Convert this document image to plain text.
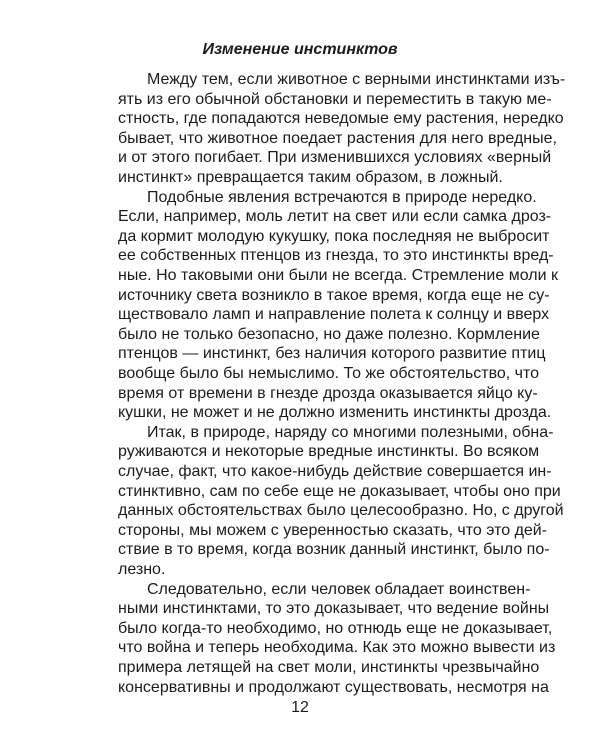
Изменение инстинктов
Между тем, если животное с верными инстинктами изъ-
ять из его обычной обстановки и переместить в такую ме-
стность, где попадаются неведомые ему растения, нередко
бывает, что животное поедает растения для него вредные,
и от этого погибает. При изменившихся условиях «верный
инстинкт» превращается таким образом, в ложный.
Подобные явления встречаются в природе нередко.
Если, например, моль летит на свет или если самка дроз-
да кормит молодую кукушку, пока последняя не выбросит
ее собственных птенцов из гнезда, то это инстинкты вред-
ные. Но таковыми они были не всегда. Стремление моли к
источнику света возникло в такое время, когда еще не су-
ществовало ламп и направление полета к солнцу и вверх
было не только безопасно, но даже полезно. Кормление
птенцов — инстинкт, без наличия которого развитие птиц
вообще было бы немыслимо. То же обстоятельство, что
время от времени в гнезде дрозда оказывается яйцо ку-
кушки, не может и не должно изменить инстинкты дрозда.
Итак, в природе, наряду со многими полезными, обна-
руживаются и некоторые вредные инстинкты. Во всяком
случае, факт, что какое-нибудь действие совершается ин-
стинктивно, сам по себе еще не доказывает, чтобы оно при
данных обстоятельствах было целесообразно. Но, с другой
стороны, мы можем с уверенностью сказать, что это дей-
ствие в то время, когда возник данный инстинкт, было по-
лезно.
Следовательно, если человек обладает воинствен-
ными инстинктами, то это доказывает, что ведение войны
было когда-то необходимо, но отнюдь еще не доказывает,
что война и теперь необходима. Как это можно вывести из
примера летящей на свет моли, инстинкты чрезвычайно
консервативны и продолжают существовать, несмотря на
12
